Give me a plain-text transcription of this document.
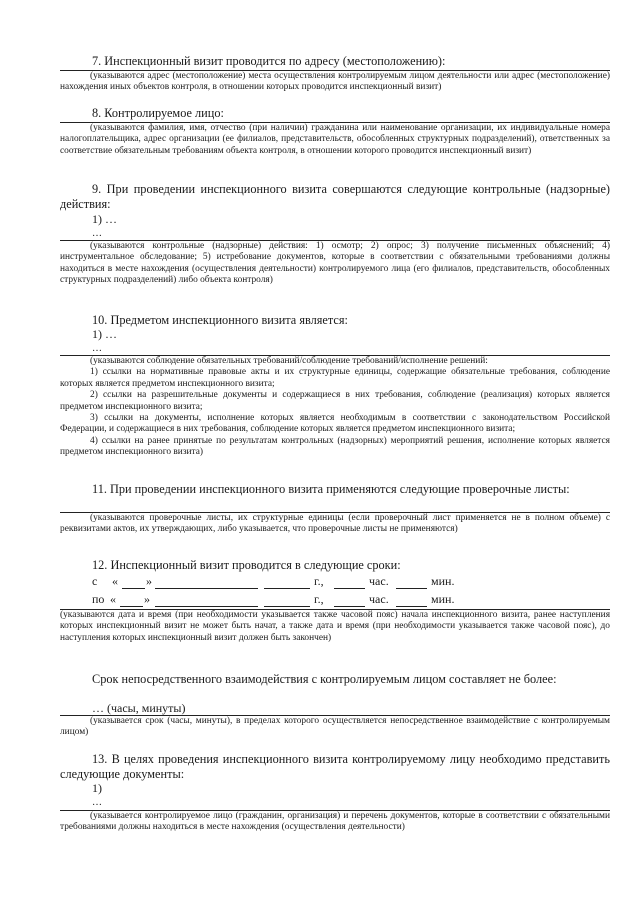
7. Инспекционный визит проводится по адресу (местоположению):

(указываются адрес (местоположение) места осуществления контролируемым лицом деятельности или адрес (местоположение) нахождения иных объектов контроля, в отношении которых проводится инспекционный визит)

8. Контролируемое лицо:

(указываются фамилия, имя, отчество (при наличии) гражданина или наименование организации, их индивидуальные номера налогоплательщика, адрес организации (ее филиалов, представительств, обособленных структурных подразделений), ответственных за соответствие обязательным требованиям объекта контроля, в отношении которого проводится инспекционный визит)

9. При проведении инспекционного визита совершаются следующие контрольные (надзорные) действия:

1) …
…

(указываются контрольные (надзорные) действия: 1) осмотр; 2) опрос; 3) получение письменных объяснений; 4) инструментальное обследование; 5) истребование документов, которые в соответствии с обязательными требованиями должны находиться в месте нахождения (осуществления деятельности) контролируемого лица (его филиалов, представительств, обособленных структурных подразделений) либо объекта контроля)

10. Предметом инспекционного визита является:

1) …
…

(указываются соблюдение обязательных требований/соблюдение требований/исполнение решений:

1) ссылки на нормативные правовые акты и их структурные единицы, содержащие обязательные требования, соблюдение которых является предметом инспекционного визита;

2) ссылки на разрешительные документы и содержащиеся в них требования, соблюдение (реализация) которых является предметом инспекционного визита;

3) ссылки на документы, исполнение которых является необходимым в соответствии с законодательством Российской Федерации, и содержащиеся в них требования, соблюдение которых является предметом инспекционного визита;

4) ссылки на ранее принятые по результатам контрольных (надзорных) мероприятий решения, исполнение которых является предметом инспекционного визита)

11. При проведении инспекционного визита применяются следующие проверочные листы:

(указываются проверочные листы, их структурные единицы (если проверочный лист применяется не в полном объеме) с реквизитами актов, их утверждающих, либо указывается, что проверочные листы не применяются)

12. Инспекционный визит проводится в следующие сроки:

с « »	г.,	час.	мин.
по « »	г.,	час.	мин.

(указываются дата и время (при необходимости указывается также часовой пояс) начала инспекционного визита, ранее наступления которых инспекционный визит не может быть начат, а также дата и время (при необходимости указывается также часовой пояс), до наступления которых инспекционный визит должен быть закончен)

Срок непосредственного взаимодействия с контролируемым лицом составляет не более:

… (часы, минуты)

(указывается срок (часы, минуты), в пределах которого осуществляется непосредственное взаимодействие с контролируемым лицом)

13. В целях проведения инспекционного визита контролируемому лицу необходимо представить следующие документы:

1)
…

(указывается контролируемое лицо (гражданин, организация) и перечень документов, которые в соответствии с обязательными требованиями должны находиться в месте нахождения (осуществления деятельности)
